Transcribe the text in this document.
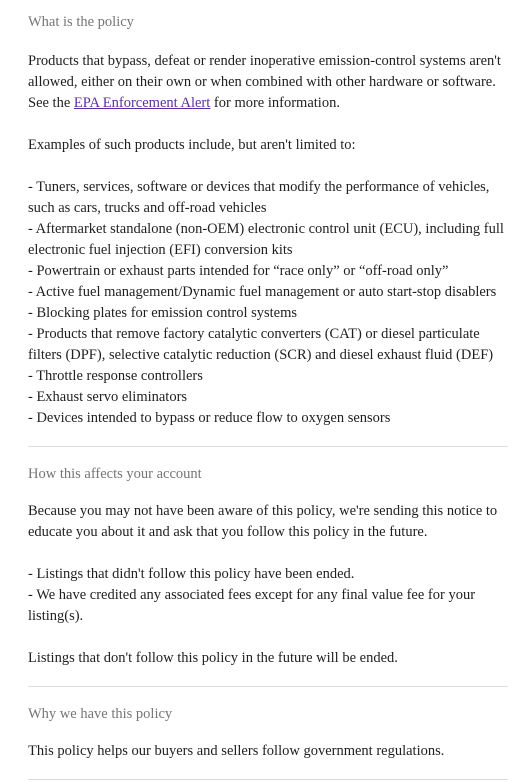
What is the policy

Products that bypass, defeat or render inoperative emission-control systems aren't allowed, either on their own or when combined with other hardware or software. See the EPA Enforcement Alert for more information.

Examples of such products include, but aren't limited to:

- Tuners, services, software or devices that modify the performance of vehicles, such as cars, trucks and off-road vehicles
- Aftermarket standalone (non-OEM) electronic control unit (ECU), including full electronic fuel injection (EFI) conversion kits
- Powertrain or exhaust parts intended for “race only” or “off-road only”
- Active fuel management/Dynamic fuel management or auto start-stop disablers
- Blocking plates for emission control systems
- Products that remove factory catalytic converters (CAT) or diesel particulate filters (DPF), selective catalytic reduction (SCR) and diesel exhaust fluid (DEF)
- Throttle response controllers
- Exhaust servo eliminators
- Devices intended to bypass or reduce flow to oxygen sensors
How this affects your account

Because you may not have been aware of this policy, we're sending this notice to educate you about it and ask that you follow this policy in the future.

- Listings that didn't follow this policy have been ended.
- We have credited any associated fees except for any final value fee for your listing(s).

Listings that don't follow this policy in the future will be ended.

Why we have this policy

This policy helps our buyers and sellers follow government regulations.
